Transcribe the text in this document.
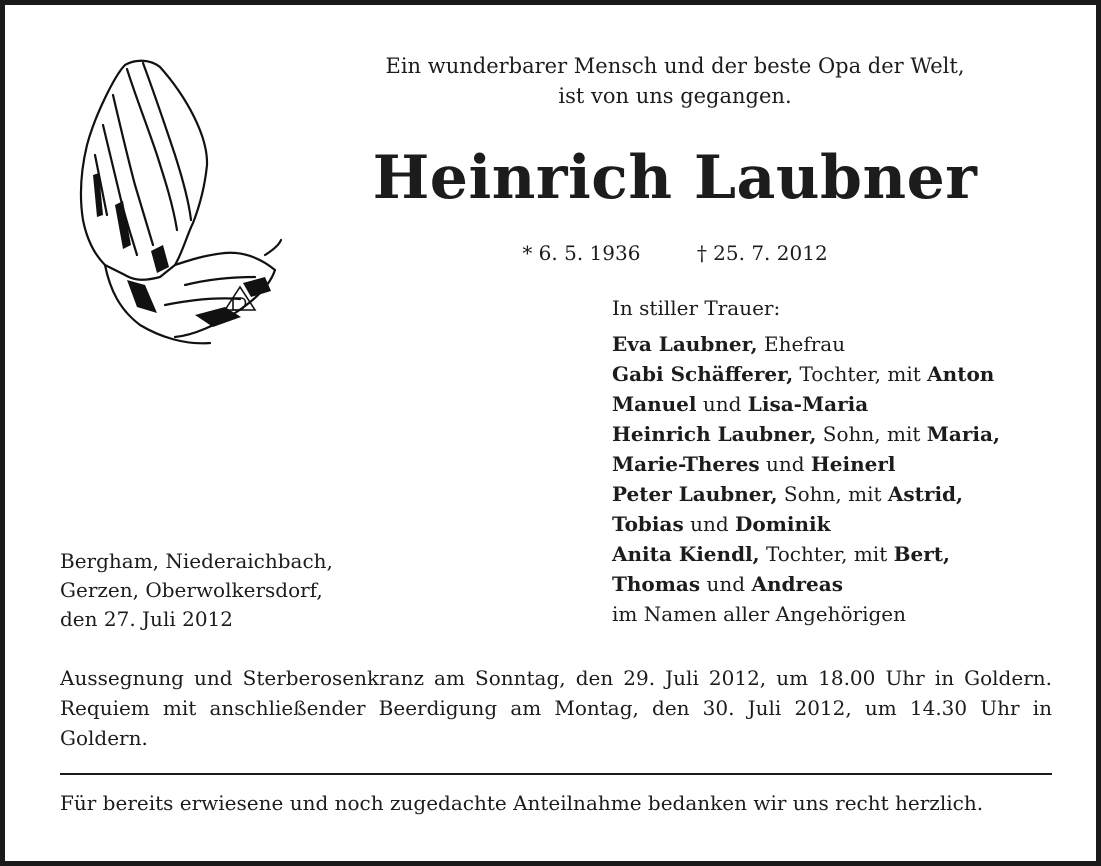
Ein wunderbarer Mensch und der beste Opa der Welt,
ist von uns gegangen.
Heinrich Laubner
* 6. 5. 1936	† 25. 7. 2012
In stiller Trauer:
Eva Laubner, Ehefrau
Gabi Schäfferer, Tochter, mit Anton
Manuel und Lisa-Maria
Heinrich Laubner, Sohn, mit Maria,
Marie-Theres und Heinerl
Peter Laubner, Sohn, mit Astrid,
Tobias und Dominik
Anita Kiendl, Tochter, mit Bert,
Thomas und Andreas
im Namen aller Angehörigen
Bergham, Niederaichbach,
Gerzen, Oberwolkersdorf,
den 27. Juli 2012
Aussegnung und Sterberosenkranz am Sonntag, den 29. Juli 2012, um 18.00 Uhr in Goldern. Requiem mit anschließender Beerdigung am Montag, den 30. Juli 2012, um 14.30 Uhr in Goldern.
Für bereits erwiesene und noch zugedachte Anteilnahme bedanken wir uns recht herzlich.
